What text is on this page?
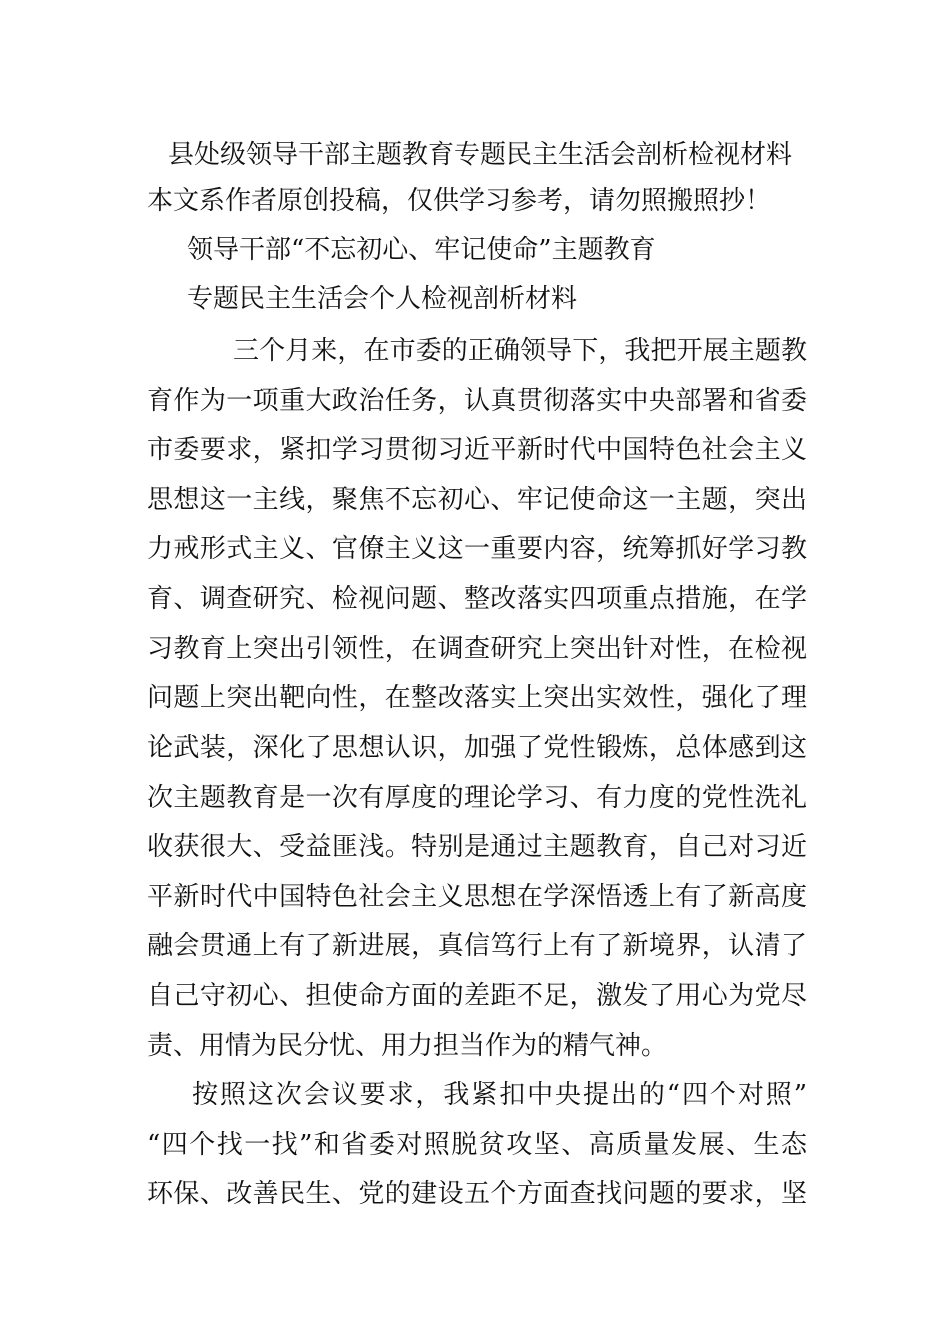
县处级领导干部主题教育专题民主生活会剖析检视材料
本文系作者原创投稿，仅供学习参考，请勿照搬照抄！
领导干部“不忘初心、牢记使命”主题教育
专题民主生活会个人检视剖析材料
三个月来，在市委的正确领导下，我把开展主题教
育作为一项重大政治任务，认真贯彻落实中央部署和省委
市委要求，紧扣学习贯彻习近平新时代中国特色社会主义
思想这一主线，聚焦不忘初心、牢记使命这一主题，突出
力戒形式主义、官僚主义这一重要内容，统筹抓好学习教
育、调查研究、检视问题、整改落实四项重点措施，在学
习教育上突出引领性，在调查研究上突出针对性，在检视
问题上突出靶向性，在整改落实上突出实效性，强化了理
论武装，深化了思想认识，加强了党性锻炼，总体感到这
次主题教育是一次有厚度的理论学习、有力度的党性洗礼
收获很大、受益匪浅。特别是通过主题教育，自己对习近
平新时代中国特色社会主义思想在学深悟透上有了新高度
融会贯通上有了新进展，真信笃行上有了新境界，认清了
自己守初心、担使命方面的差距不足，激发了用心为党尽
责、用情为民分忧、用力担当作为的精气神。
按照这次会议要求，我紧扣中央提出的“四个对照”
“四个找一找”和省委对照脱贫攻坚、高质量发展、生态
环保、改善民生、党的建设五个方面查找问题的要求，坚
